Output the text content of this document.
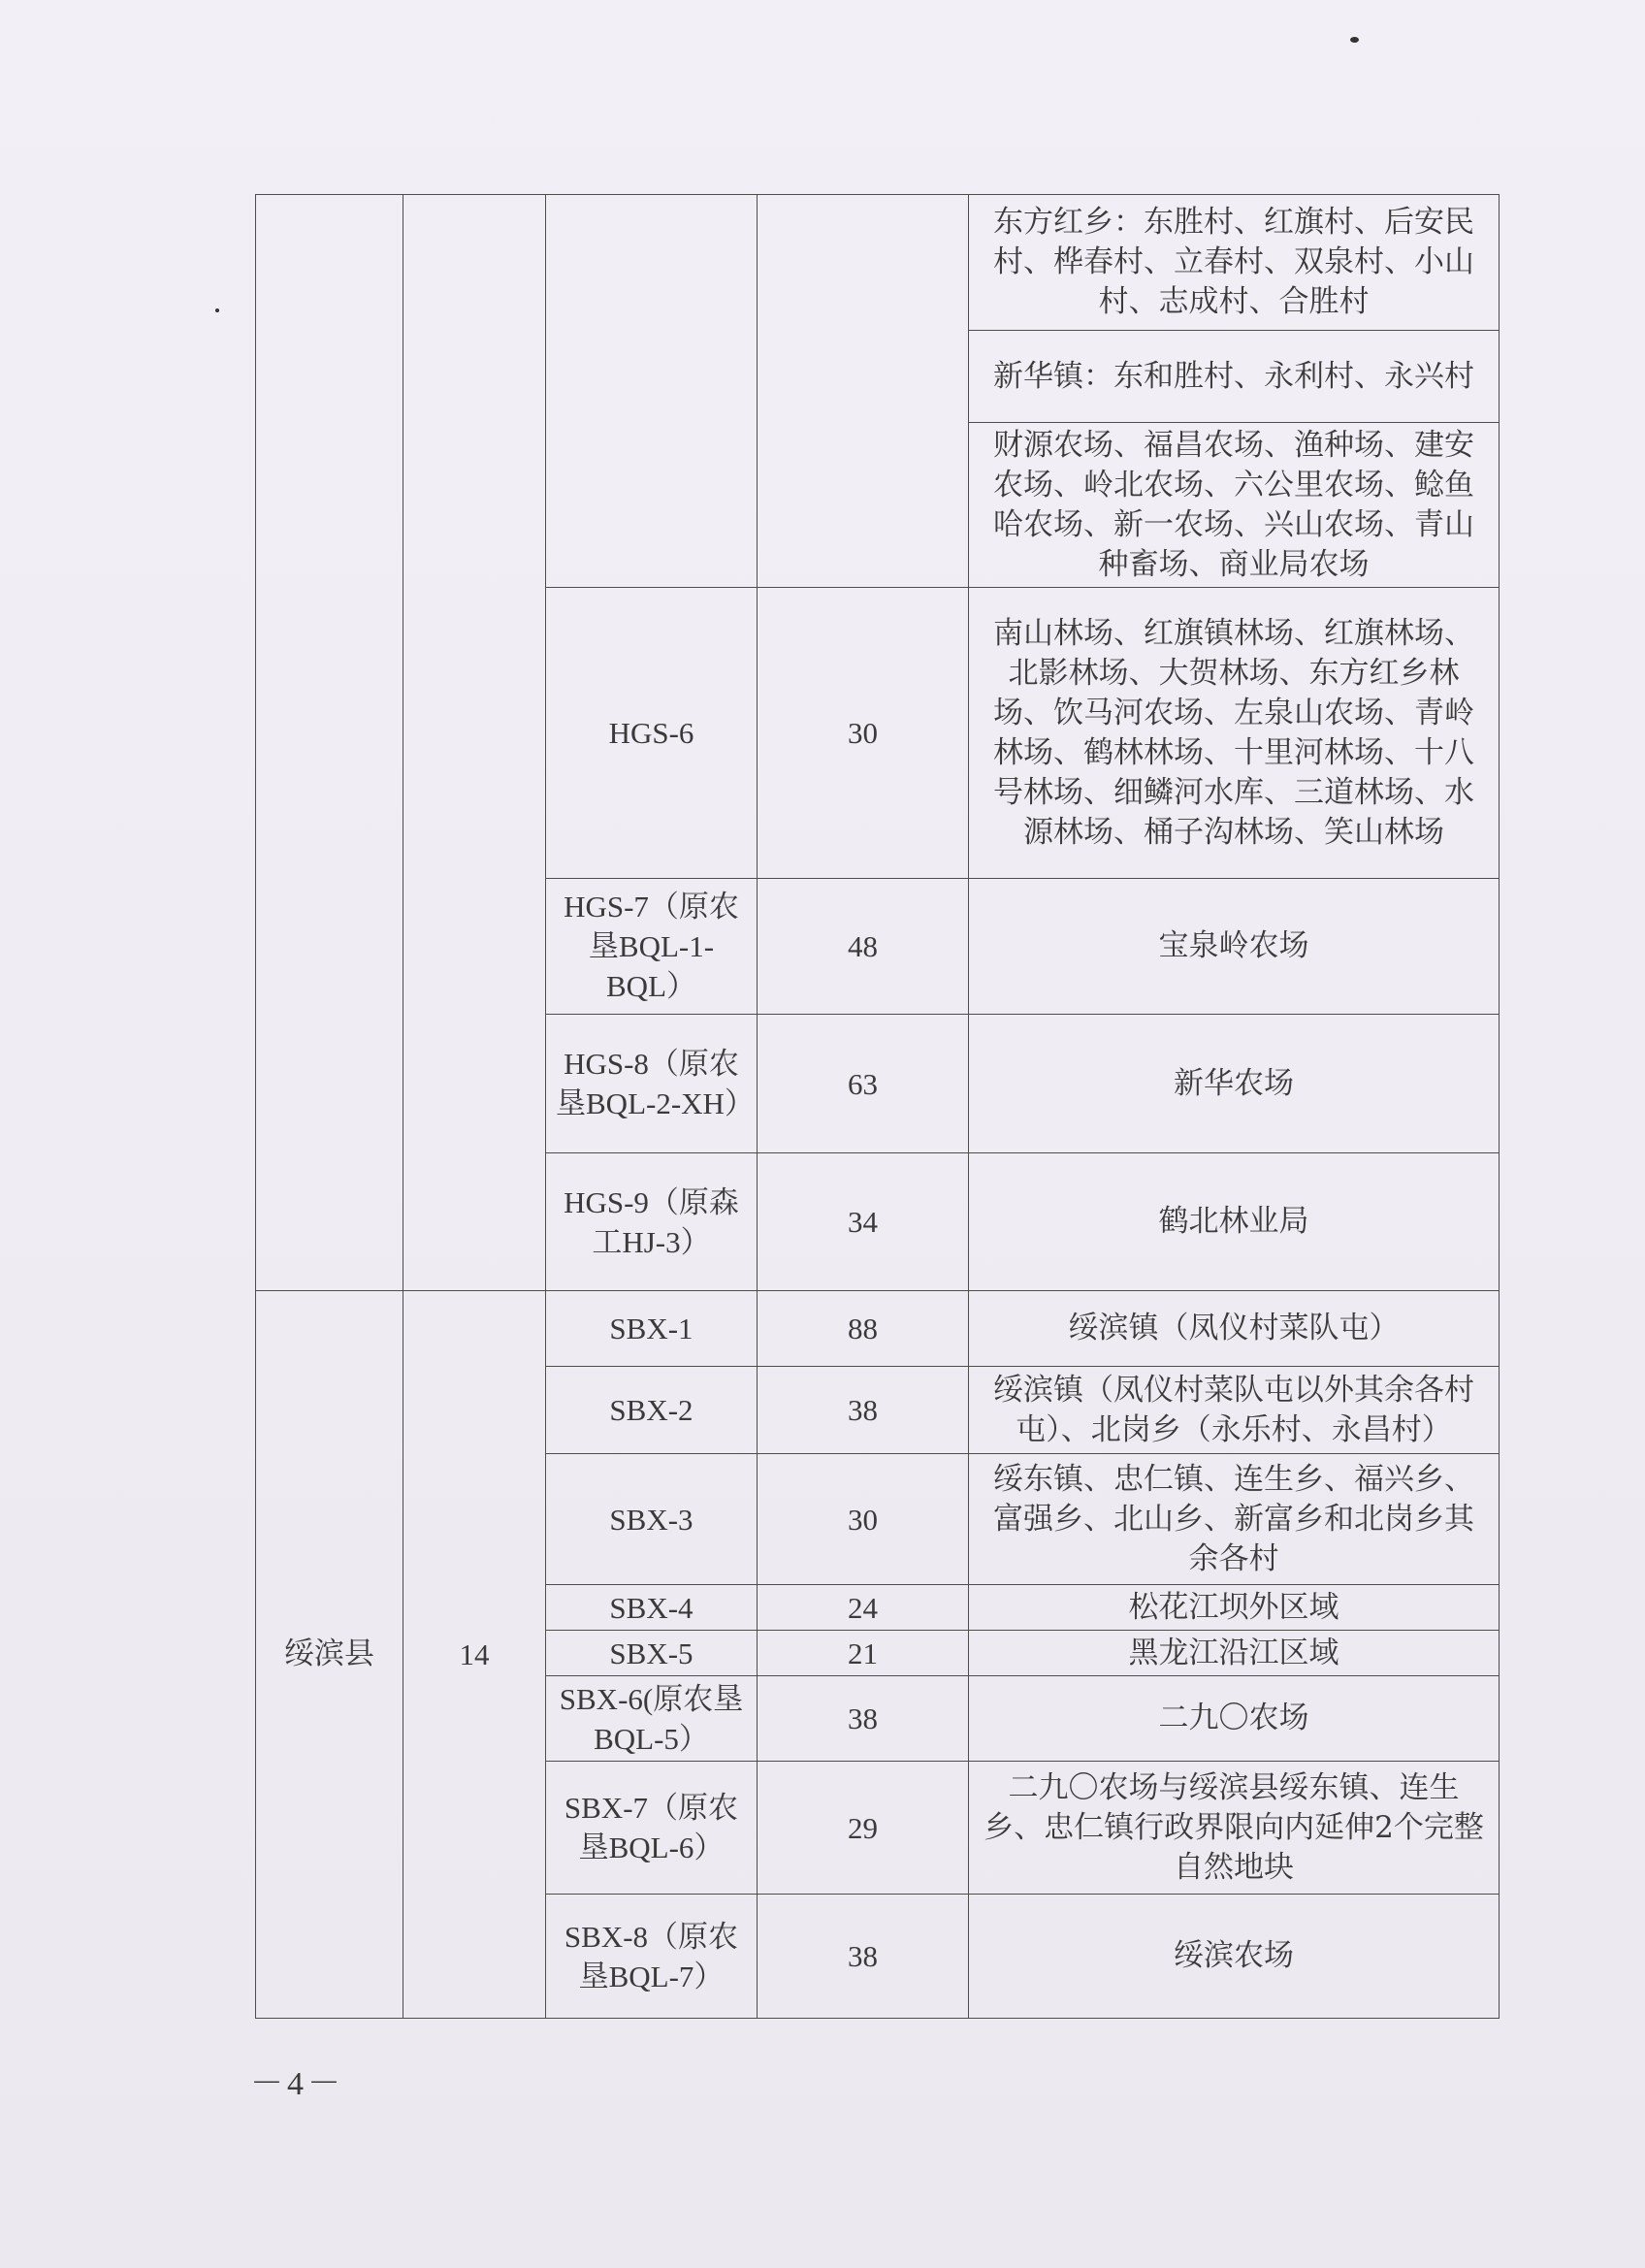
				东方红乡：东胜村、红旗村、后安民村、桦春村、立春村、双泉村、小山村、志成村、合胜村
				新华镇：东和胜村、永利村、永兴村
				财源农场、福昌农场、渔种场、建安农场、岭北农场、六公里农场、鲶鱼哈农场、新一农场、兴山农场、青山种畜场、商业局农场
		HGS-6	30	南山林场、红旗镇林场、红旗林场、北影林场、大贺林场、东方红乡林场、饮马河农场、左泉山农场、青岭林场、鹤林林场、十里河林场、十八号林场、细鳞河水库、三道林场、水源林场、桶子沟林场、笑山林场
		HGS-7（原农垦BQL-1-BQL）	48	宝泉岭农场
		HGS-8（原农垦BQL-2-XH）	63	新华农场
		HGS-9（原森工HJ-3）	34	鹤北林业局
绥滨县	14	SBX-1	88	绥滨镇（凤仪村菜队屯）
		SBX-2	38	绥滨镇（凤仪村菜队屯以外其余各村屯）、北岗乡（永乐村、永昌村）
		SBX-3	30	绥东镇、忠仁镇、连生乡、福兴乡、富强乡、北山乡、新富乡和北岗乡其余各村
		SBX-4	24	松花江坝外区域
		SBX-5	21	黑龙江沿江区域
		SBX-6(原农垦BQL-5）	38	二九〇农场
		SBX-7（原农垦BQL-6）	29	二九〇农场与绥滨县绥东镇、连生乡、忠仁镇行政界限向内延伸2个完整自然地块
		SBX-8（原农垦BQL-7）	38	绥滨农场
－4－
